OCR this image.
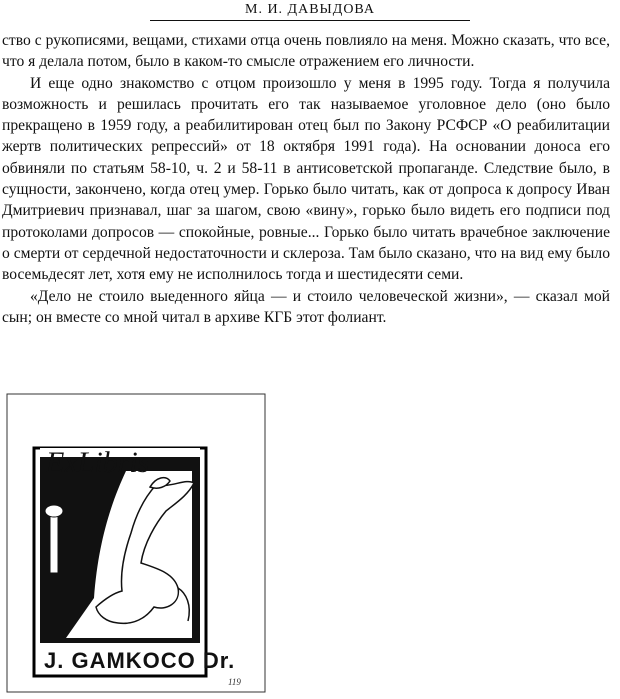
М. И. ДАВЫДОВА

ство с рукописями, вещами, стихами отца очень повлияло на меня. Можно сказать, что все, что я делала потом, было в каком-то смысле отражением его личности.

И еще одно знакомство с отцом произошло у меня в 1995 году. Тогда я получила возможность и решилась прочитать его так называемое уголовное дело (оно было прекращено в 1959 году, а реабилитирован отец был по Закону РСФСР «О реабилитации жертв политических репрессий» от 18 октября 1991 года). На основании доноса его обвиняли по статьям 58-10, ч. 2 и 58-11 в антисоветской пропаганде. Следствие было, в сущности, закончено, когда отец умер. Горько было читать, как от допроса к допросу Иван Дмитриевич признавал, шаг за шагом, свою «вину», горько было видеть его подписи под протоколами допросов — спокойные, ровные... Горько было читать врачебное заключение о смерти от сердечной недостаточности и склероза. Там было сказано, что на вид ему было восемьдесят лет, хотя ему не исполнилось тогда и шестидесяти семи.

«Дело не стоило выеденного яйца — и стоило человеческой жизни», — сказал мой сын; он вместе со мной читал в архиве КГБ этот фолиант.

ExLibris
J. GAMKOCO Dr.
119
